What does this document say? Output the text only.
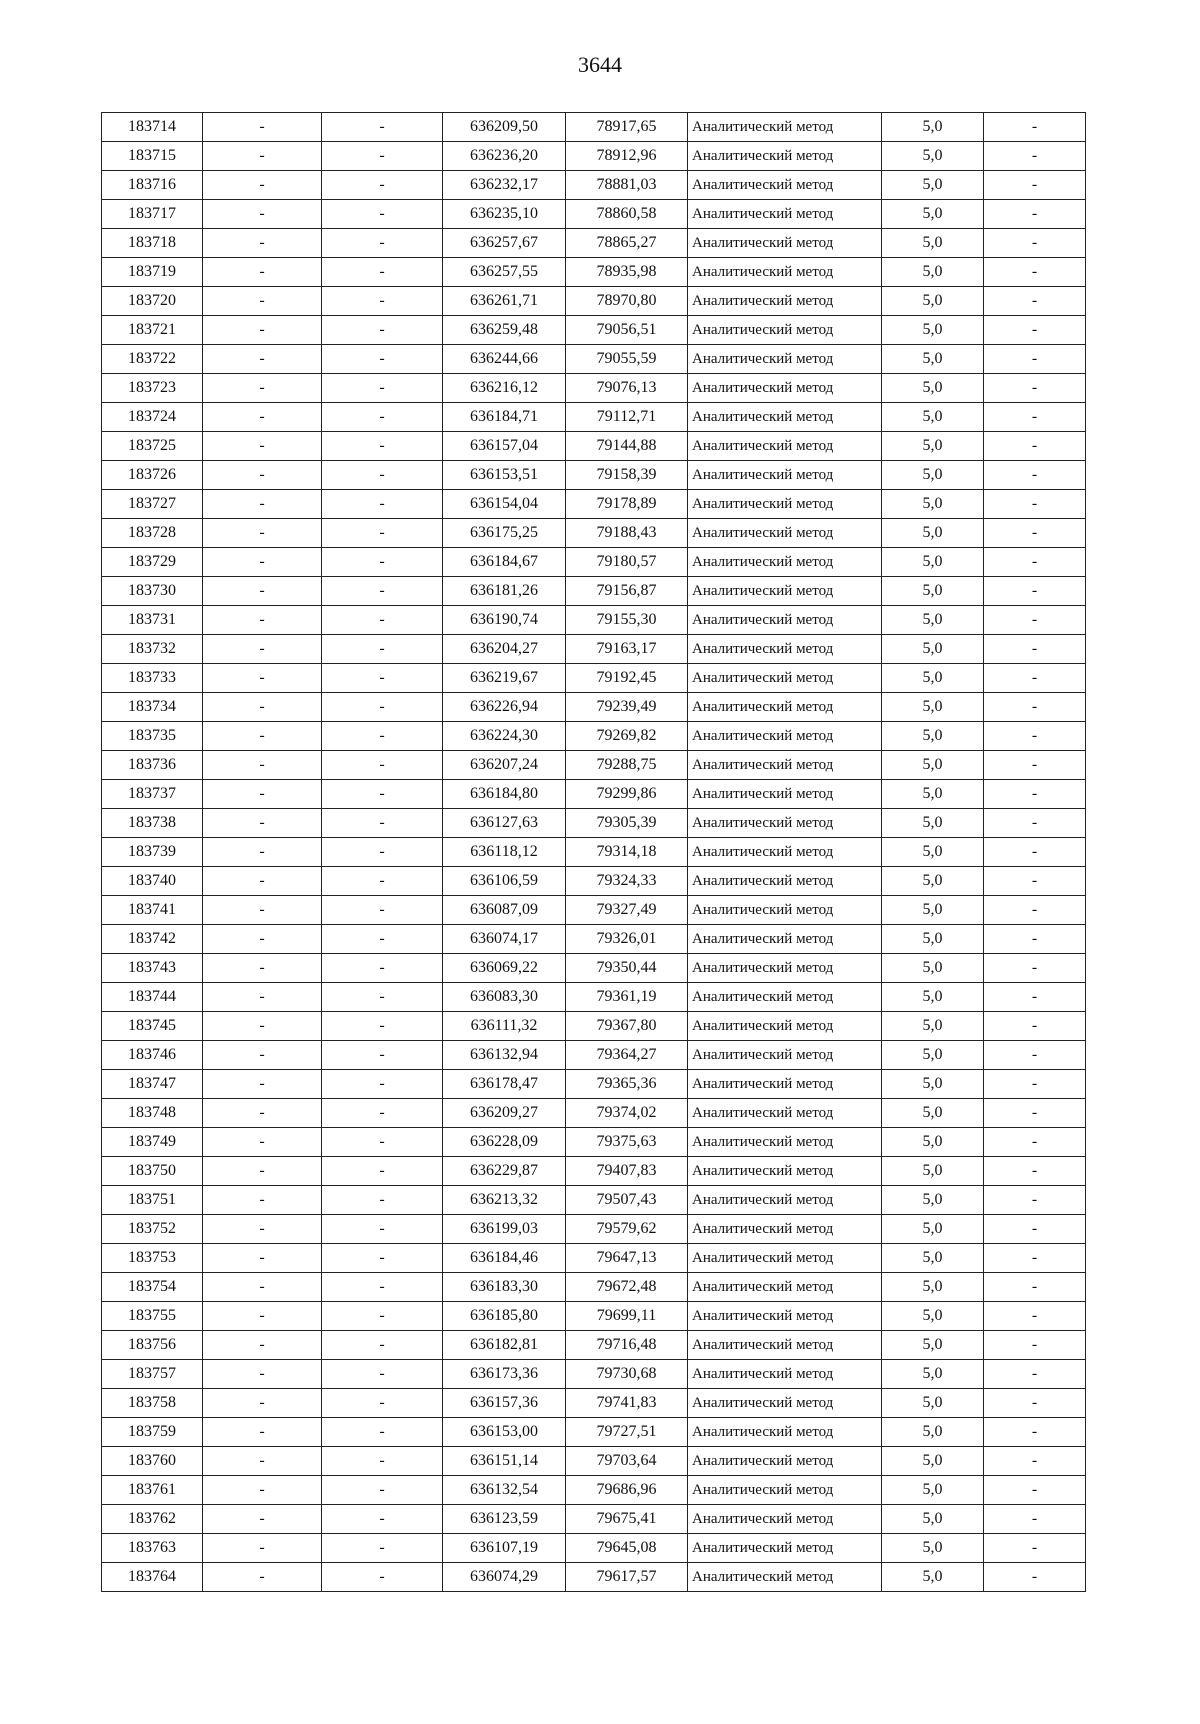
3644
183714	-	-	636209,50	78917,65	Аналитический метод	5,0	-
183715	-	-	636236,20	78912,96	Аналитический метод	5,0	-
183716	-	-	636232,17	78881,03	Аналитический метод	5,0	-
183717	-	-	636235,10	78860,58	Аналитический метод	5,0	-
183718	-	-	636257,67	78865,27	Аналитический метод	5,0	-
183719	-	-	636257,55	78935,98	Аналитический метод	5,0	-
183720	-	-	636261,71	78970,80	Аналитический метод	5,0	-
183721	-	-	636259,48	79056,51	Аналитический метод	5,0	-
183722	-	-	636244,66	79055,59	Аналитический метод	5,0	-
183723	-	-	636216,12	79076,13	Аналитический метод	5,0	-
183724	-	-	636184,71	79112,71	Аналитический метод	5,0	-
183725	-	-	636157,04	79144,88	Аналитический метод	5,0	-
183726	-	-	636153,51	79158,39	Аналитический метод	5,0	-
183727	-	-	636154,04	79178,89	Аналитический метод	5,0	-
183728	-	-	636175,25	79188,43	Аналитический метод	5,0	-
183729	-	-	636184,67	79180,57	Аналитический метод	5,0	-
183730	-	-	636181,26	79156,87	Аналитический метод	5,0	-
183731	-	-	636190,74	79155,30	Аналитический метод	5,0	-
183732	-	-	636204,27	79163,17	Аналитический метод	5,0	-
183733	-	-	636219,67	79192,45	Аналитический метод	5,0	-
183734	-	-	636226,94	79239,49	Аналитический метод	5,0	-
183735	-	-	636224,30	79269,82	Аналитический метод	5,0	-
183736	-	-	636207,24	79288,75	Аналитический метод	5,0	-
183737	-	-	636184,80	79299,86	Аналитический метод	5,0	-
183738	-	-	636127,63	79305,39	Аналитический метод	5,0	-
183739	-	-	636118,12	79314,18	Аналитический метод	5,0	-
183740	-	-	636106,59	79324,33	Аналитический метод	5,0	-
183741	-	-	636087,09	79327,49	Аналитический метод	5,0	-
183742	-	-	636074,17	79326,01	Аналитический метод	5,0	-
183743	-	-	636069,22	79350,44	Аналитический метод	5,0	-
183744	-	-	636083,30	79361,19	Аналитический метод	5,0	-
183745	-	-	636111,32	79367,80	Аналитический метод	5,0	-
183746	-	-	636132,94	79364,27	Аналитический метод	5,0	-
183747	-	-	636178,47	79365,36	Аналитический метод	5,0	-
183748	-	-	636209,27	79374,02	Аналитический метод	5,0	-
183749	-	-	636228,09	79375,63	Аналитический метод	5,0	-
183750	-	-	636229,87	79407,83	Аналитический метод	5,0	-
183751	-	-	636213,32	79507,43	Аналитический метод	5,0	-
183752	-	-	636199,03	79579,62	Аналитический метод	5,0	-
183753	-	-	636184,46	79647,13	Аналитический метод	5,0	-
183754	-	-	636183,30	79672,48	Аналитический метод	5,0	-
183755	-	-	636185,80	79699,11	Аналитический метод	5,0	-
183756	-	-	636182,81	79716,48	Аналитический метод	5,0	-
183757	-	-	636173,36	79730,68	Аналитический метод	5,0	-
183758	-	-	636157,36	79741,83	Аналитический метод	5,0	-
183759	-	-	636153,00	79727,51	Аналитический метод	5,0	-
183760	-	-	636151,14	79703,64	Аналитический метод	5,0	-
183761	-	-	636132,54	79686,96	Аналитический метод	5,0	-
183762	-	-	636123,59	79675,41	Аналитический метод	5,0	-
183763	-	-	636107,19	79645,08	Аналитический метод	5,0	-
183764	-	-	636074,29	79617,57	Аналитический метод	5,0	-
